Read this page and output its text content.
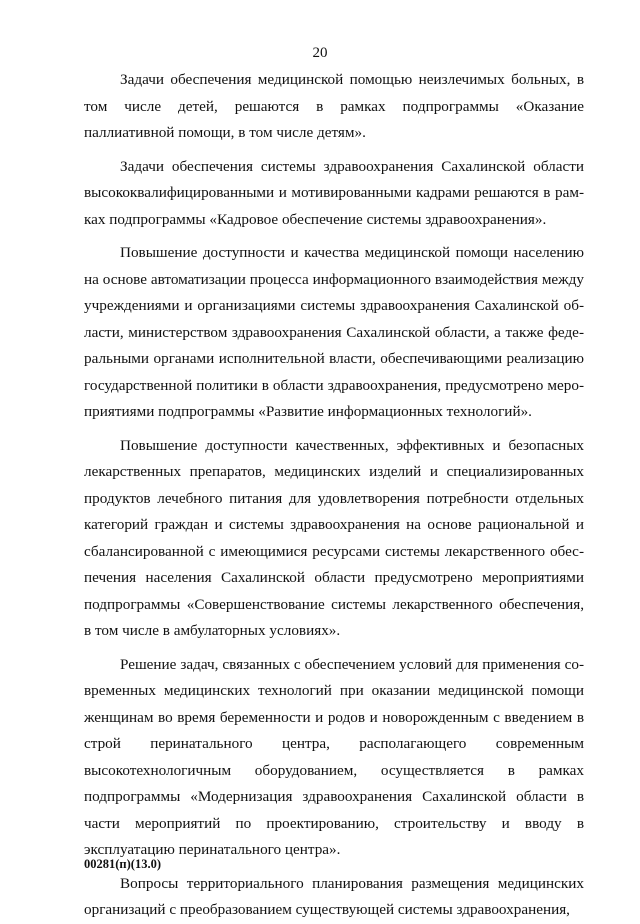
20

Задачи обеспечения медицинской помощью неизлечимых больных, в том числе детей, решаются в рамках подпрограммы «Оказание паллиативной помощи, в том числе детям».

Задачи обеспечения системы здравоохранения Сахалинской области высококвалифицированными и мотивированными кадрами решаются в рамках подпрограммы «Кадровое обеспечение системы здравоохранения».

Повышение доступности и качества медицинской помощи населению на основе автоматизации процесса информационного взаимодействия между учреждениями и организациями системы здравоохранения Сахалинской области, министерством здравоохранения Сахалинской области, а также федеральными органами исполнительной власти, обеспечивающими реализацию государственной политики в области здравоохранения, предусмотрено мероприятиями подпрограммы «Развитие информационных технологий».

Повышение доступности качественных, эффективных и безопасных лекарственных препаратов, медицинских изделий и специализированных продуктов лечебного питания для удовлетворения потребности отдельных категорий граждан и системы здравоохранения на основе рациональной и сбалансированной с имеющимися ресурсами системы лекарственного обеспечения населения Сахалинской области предусмотрено мероприятиями подпрограммы «Совершенствование системы лекарственного обеспечения, в том числе в амбулаторных условиях».

Решение задач, связанных с обеспечением условий для применения современных медицинских технологий при оказании медицинской помощи женщинам во время беременности и родов и новорожденным с введением в строй перинатального центра, располагающего современным высокотехнологичным оборудованием, осуществляется в рамках подпрограммы «Модернизация здравоохранения Сахалинской области в части мероприятий по проектированию, строительству и вводу в эксплуатацию перинатального центра».

Вопросы территориального планирования размещения медицинских организаций с преобразованием существующей системы здравоохранения,

00281(п)(13.0)
